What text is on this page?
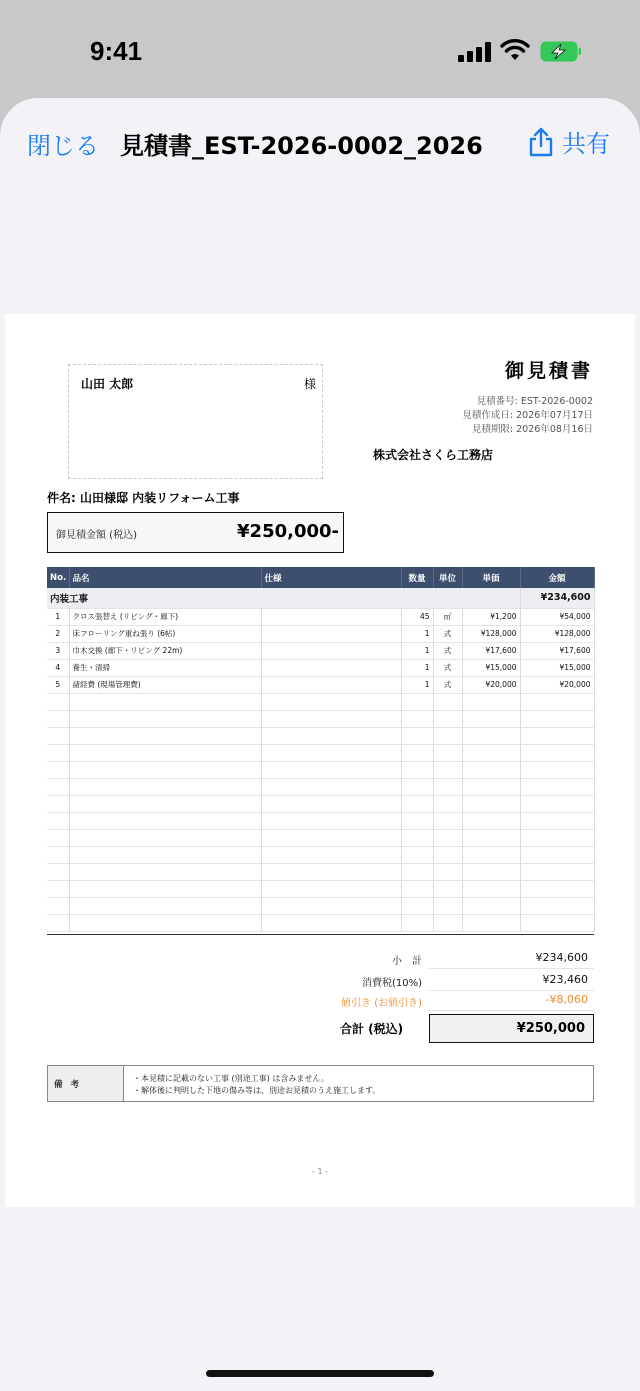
9:41
閉じる 見積書_EST-2026-0002_2026	共有
山田 太郎	様
御見積書
見積番号: EST-2026-0002
見積作成日: 2026年07月17日
見積期限: 2026年08月16日
株式会社さくら工務店
件名: 山田様邸 内装リフォーム工事
御見積金額 (税込)	¥250,000-
No.	品名	仕様	数量	単位	単価	金額
内装工事						¥234,600
1	クロス張替え (リビング・廊下)		45	㎡	¥1,200	¥54,000
2	床フローリング重ね張り (6帖)		1	式	¥128,000	¥128,000
3	巾木交換 (廊下・リビング 22m)		1	式	¥17,600	¥17,600
4	養生・清掃		1	式	¥15,000	¥15,000
5	諸経費 (現場管理費)		1	式	¥20,000	¥20,000

小　計	¥234,600
消費税(10%)	¥23,460
値引き (お値引き)	-¥8,060
合計 (税込)	¥250,000
備考
・本見積に記載のない工事 (別途工事) は含みません。
・解体後に判明した下地の傷み等は、別途お見積のうえ施工します。
- 1 -
